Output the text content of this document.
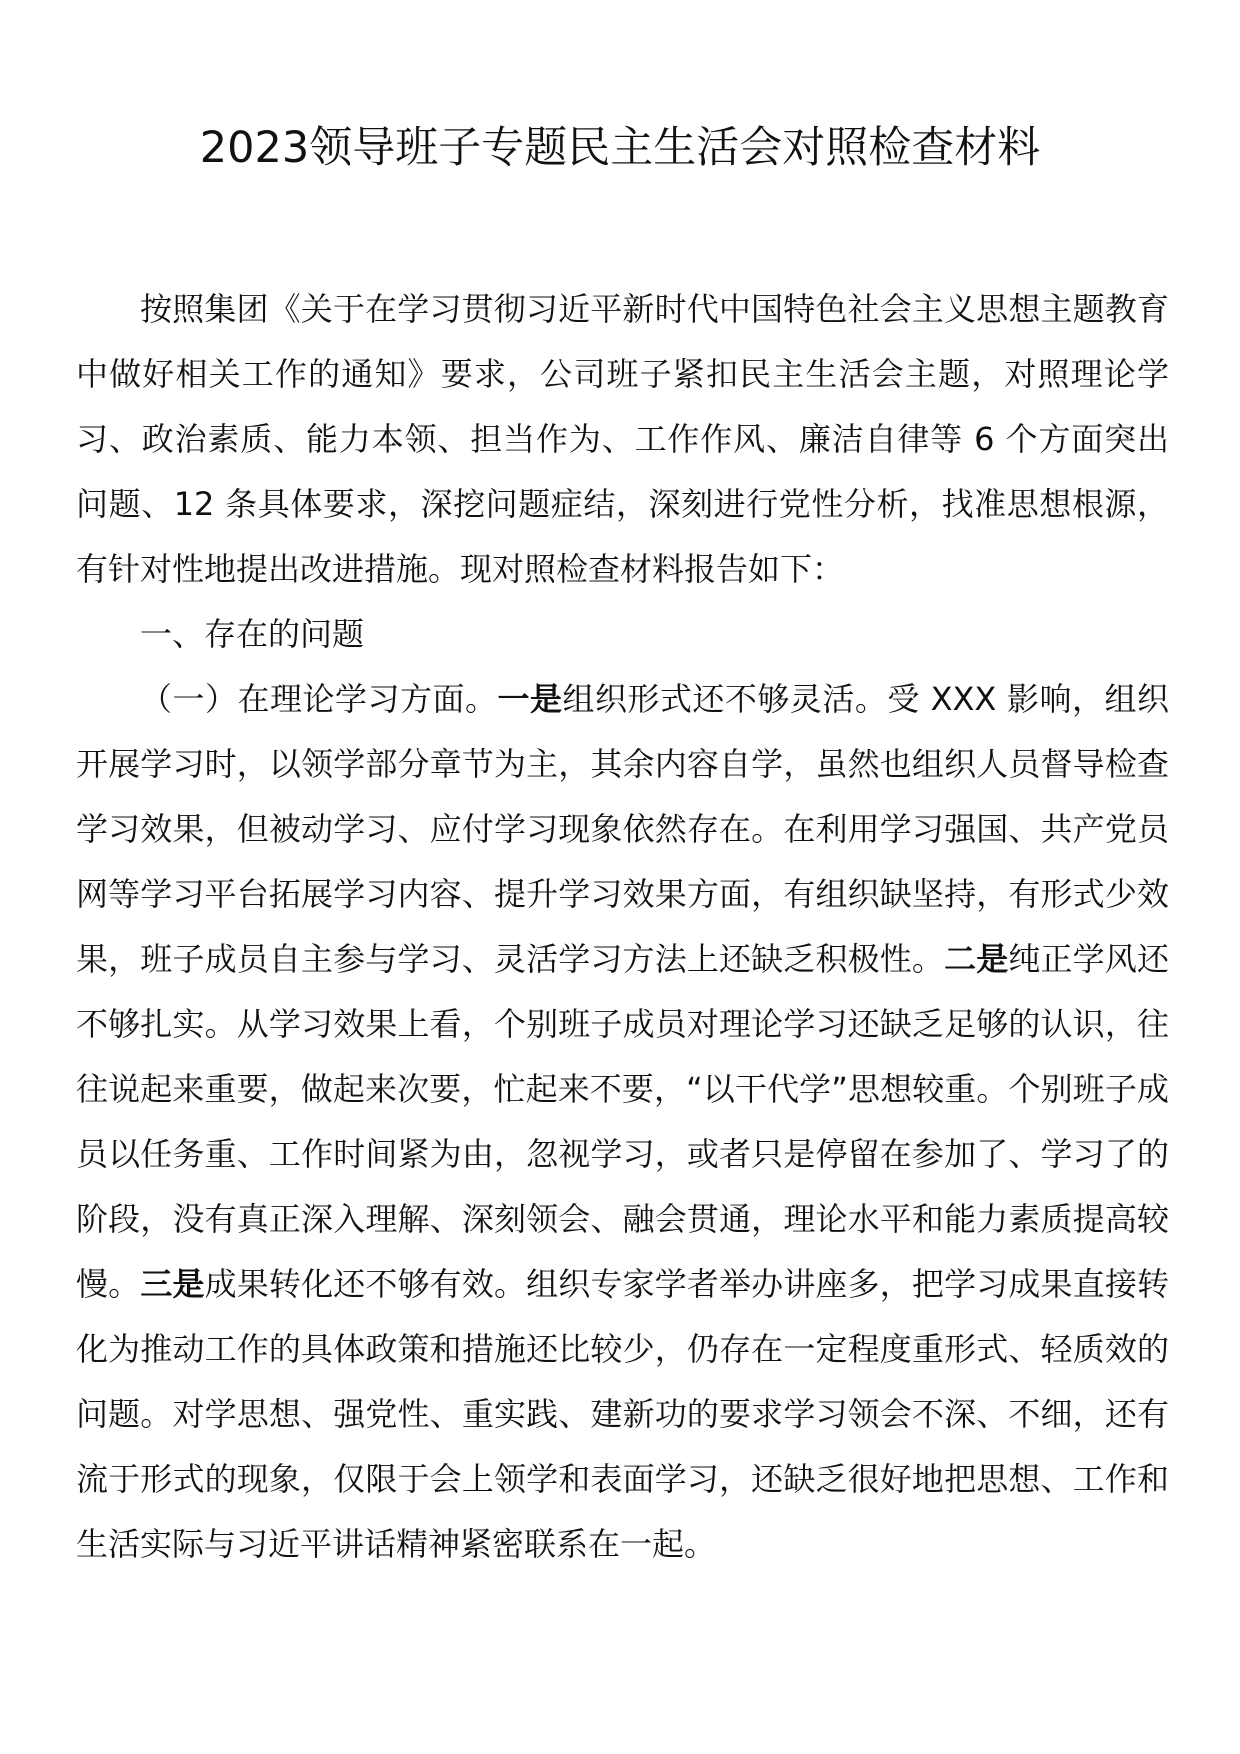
2023领导班子专题民主生活会对照检查材料

按照集团《关于在学习贯彻习近平新时代中国特色社会主义思想主题教育中做好相关工作的通知》要求，公司班子紧扣民主生活会主题，对照理论学习、政治素质、能力本领、担当作为、工作作风、廉洁自律等 6 个方面突出问题、12 条具体要求，深挖问题症结，深刻进行党性分析，找准思想根源，有针对性地提出改进措施。现对照检查材料报告如下：

一、存在的问题

（一）在理论学习方面。一是组织形式还不够灵活。受 XXX 影响，组织开展学习时，以领学部分章节为主，其余内容自学，虽然也组织人员督导检查学习效果，但被动学习、应付学习现象依然存在。在利用学习强国、共产党员网等学习平台拓展学习内容、提升学习效果方面，有组织缺坚持，有形式少效果，班子成员自主参与学习、灵活学习方法上还缺乏积极性。二是纯正学风还不够扎实。从学习效果上看，个别班子成员对理论学习还缺乏足够的认识，往往说起来重要，做起来次要，忙起来不要，“以干代学”思想较重。个别班子成员以任务重、工作时间紧为由，忽视学习，或者只是停留在参加了、学习了的阶段，没有真正深入理解、深刻领会、融会贯通，理论水平和能力素质提高较慢。三是成果转化还不够有效。组织专家学者举办讲座多，把学习成果直接转化为推动工作的具体政策和措施还比较少，仍存在一定程度重形式、轻质效的问题。对学思想、强党性、重实践、建新功的要求学习领会不深、不细，还有流于形式的现象，仅限于会上领学和表面学习，还缺乏很好地把思想、工作和生活实际与习近平讲话精神紧密联系在一起。
